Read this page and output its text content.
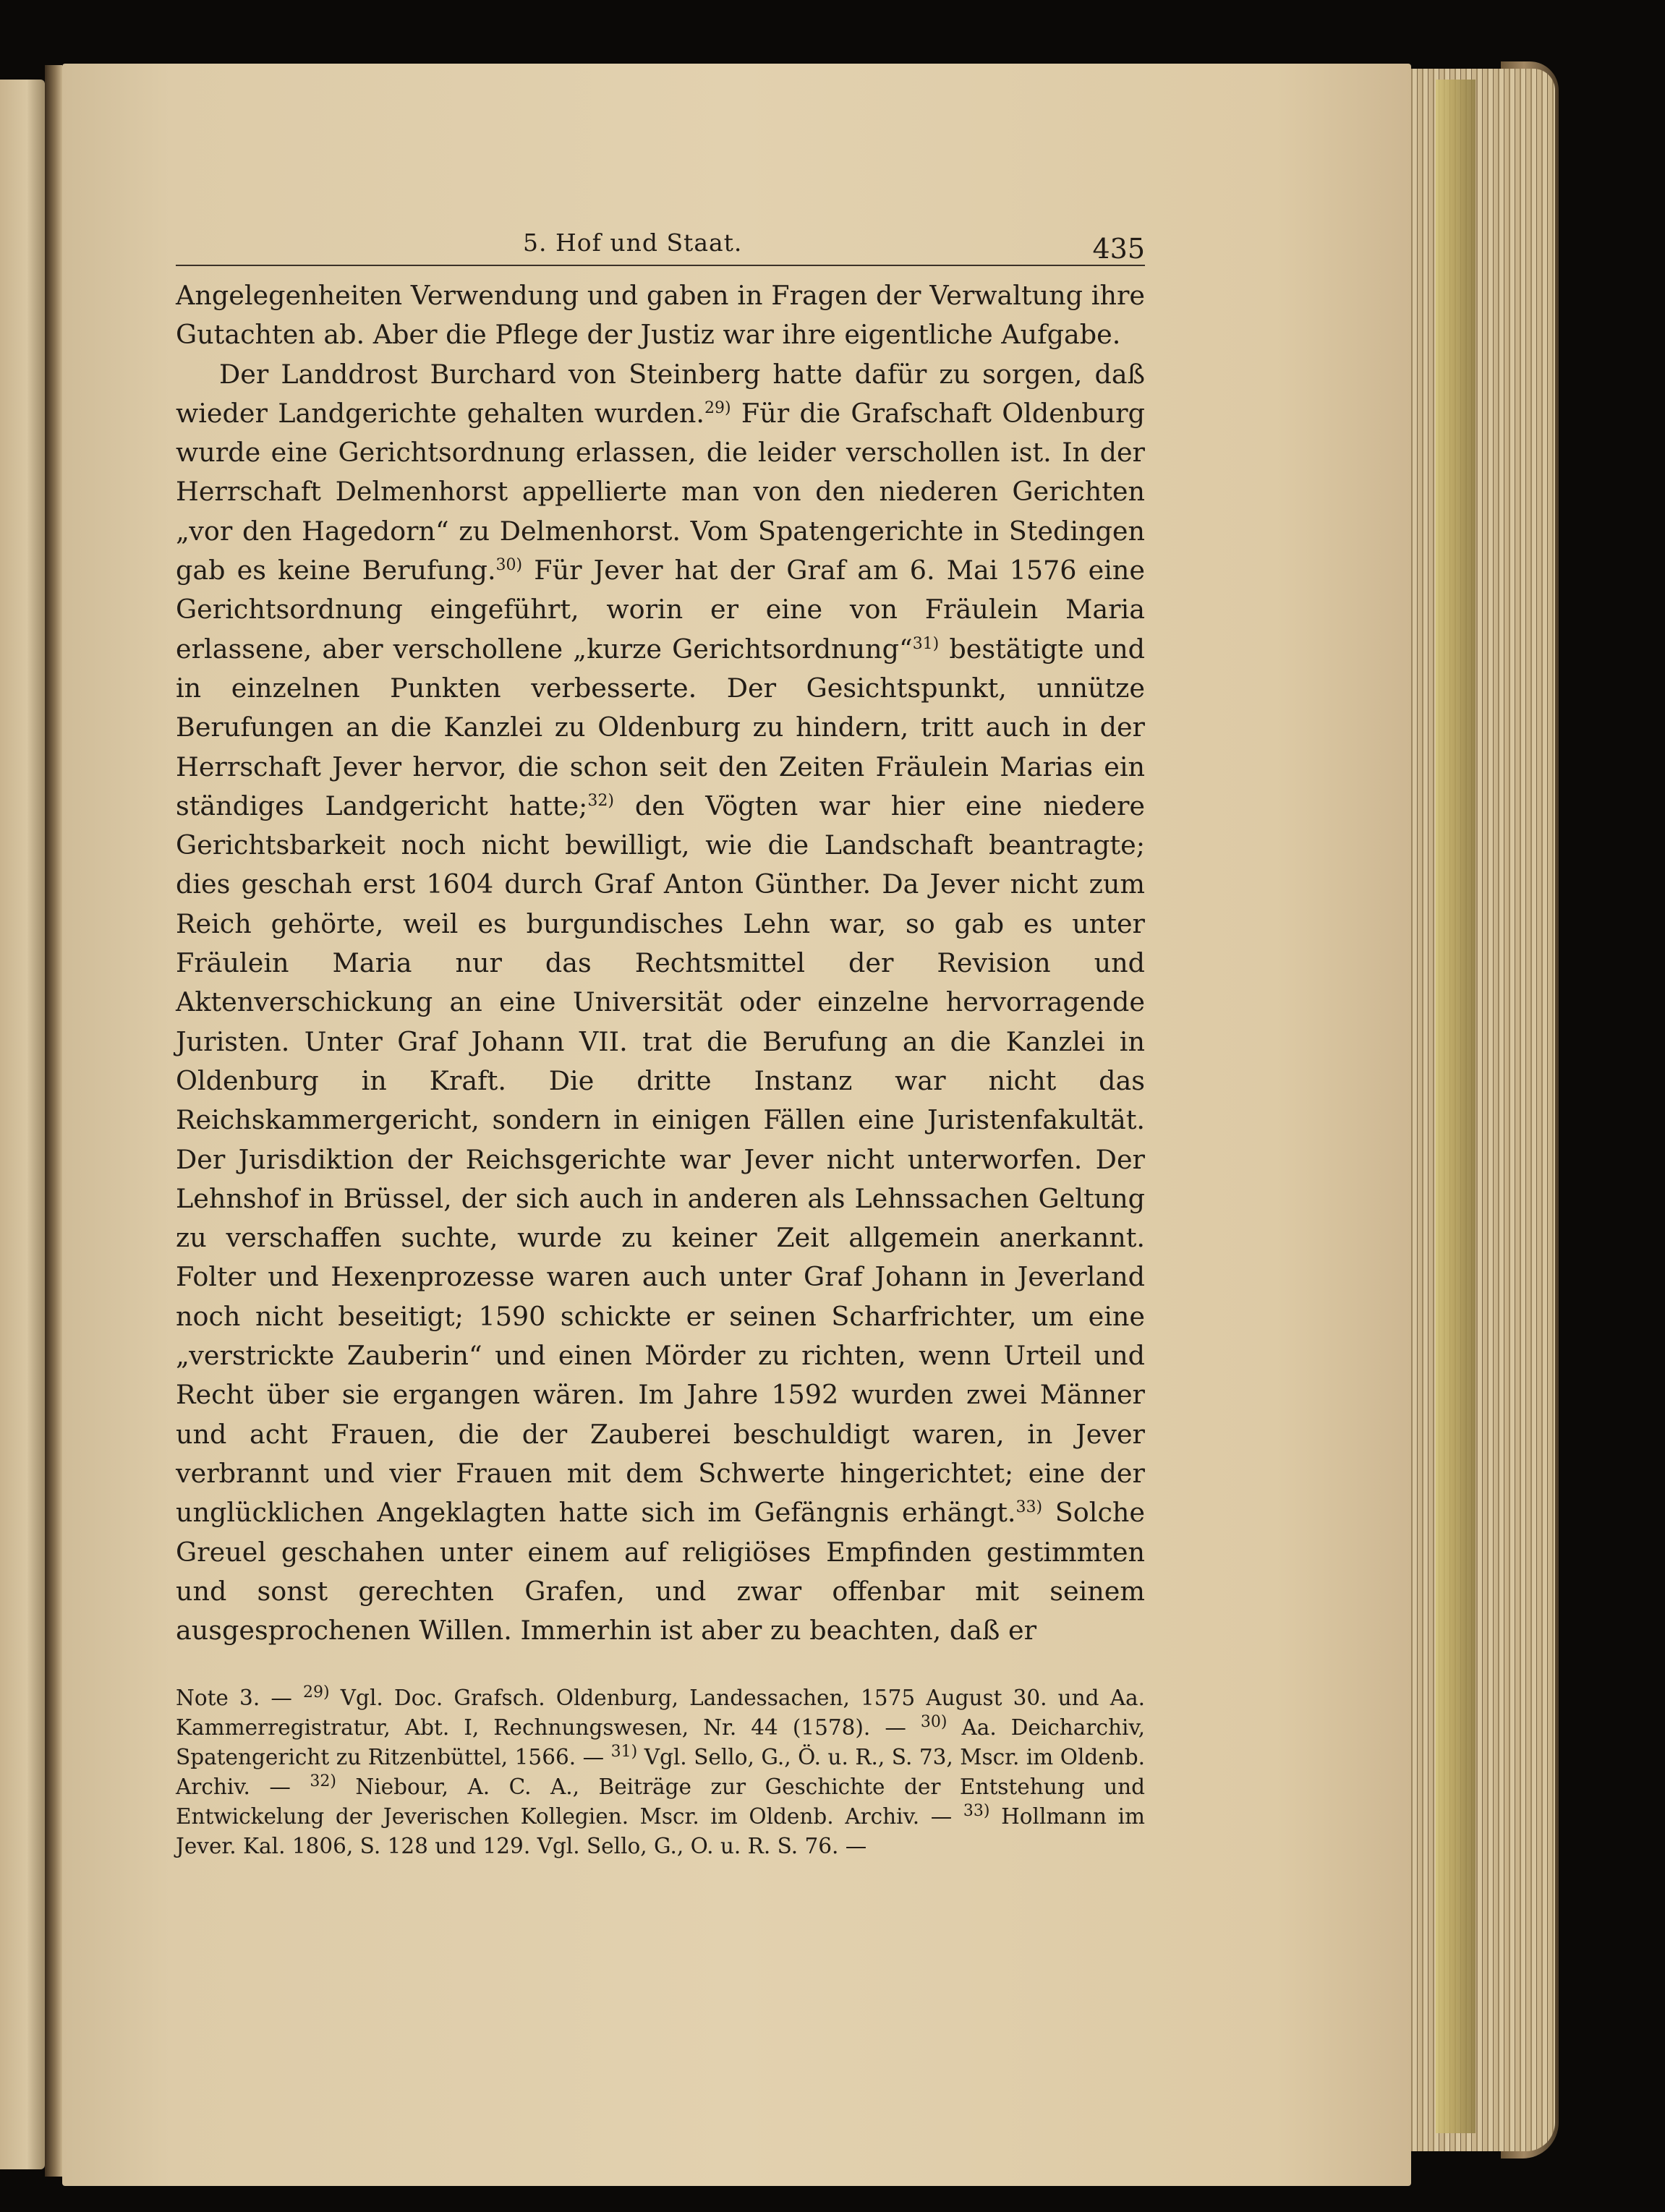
5. Hof und Staat.	435

Angelegenheiten Verwendung und gaben in Fragen der Verwaltung ihre Gutachten ab. Aber die Pflege der Justiz war ihre eigentliche Aufgabe.

Der Landdrost Burchard von Steinberg hatte dafür zu sorgen, daß wieder Landgerichte gehalten wurden.$^{29)}$ Für die Grafschaft Oldenburg wurde eine Gerichtsordnung erlassen, die leider verschollen ist. In der Herrschaft Delmenhorst appellierte man von den niederen Gerichten „vor den Hagedorn“ zu Delmenhorst. Vom Spatengerichte in Stedingen gab es keine Berufung.$^{30)}$ Für Jever hat der Graf am 6. Mai 1576 eine Gerichtsordnung eingeführt, worin er eine von Fräulein Maria erlassene, aber verschollene „kurze Gerichtsordnung“$^{31)}$ bestätigte und in einzelnen Punkten verbesserte. Der Gesichtspunkt, unnütze Berufungen an die Kanzlei zu Oldenburg zu hindern, tritt auch in der Herrschaft Jever hervor, die schon seit den Zeiten Fräulein Marias ein ständiges Landgericht hatte;$^{32)}$ den Vögten war hier eine niedere Gerichtsbarkeit noch nicht bewilligt, wie die Landschaft beantragte; dies geschah erst 1604 durch Graf Anton Günther. Da Jever nicht zum Reich gehörte, weil es burgundisches Lehn war, so gab es unter Fräulein Maria nur das Rechtsmittel der Revision und Aktenverschickung an eine Universität oder einzelne hervorragende Juristen. Unter Graf Johann VII. trat die Berufung an die Kanzlei in Oldenburg in Kraft. Die dritte Instanz war nicht das Reichskammergericht, sondern in einigen Fällen eine Juristenfakultät. Der Jurisdiktion der Reichsgerichte war Jever nicht unterworfen. Der Lehnshof in Brüssel, der sich auch in anderen als Lehnssachen Geltung zu verschaffen suchte, wurde zu keiner Zeit allgemein anerkannt. Folter und Hexenprozesse waren auch unter Graf Johann in Jeverland noch nicht beseitigt; 1590 schickte er seinen Scharfrichter, um eine „verstrickte Zauberin“ und einen Mörder zu richten, wenn Urteil und Recht über sie ergangen wären. Im Jahre 1592 wurden zwei Männer und acht Frauen, die der Zauberei beschuldigt waren, in Jever verbrannt und vier Frauen mit dem Schwerte hingerichtet; eine der unglücklichen Angeklagten hatte sich im Gefängnis erhängt.$^{33)}$ Solche Greuel geschahen unter einem auf religiöses Empfinden gestimmten und sonst gerechten Grafen, und zwar offenbar mit seinem ausgesprochenen Willen. Immerhin ist aber zu beachten, daß er

Note 3. — $^{29)}$ Vgl. Doc. Grafsch. Oldenburg, Landessachen, 1575 August 30. und Aa. Kammerregistratur, Abt. I, Rechnungswesen, Nr. 44 (1578). — $^{30)}$ Aa. Deicharchiv, Spatengericht zu Ritzenbüttel, 1566. — $^{31)}$ Vgl. Sello, G., Ö. u. R., S. 73, Mscr. im Oldenb. Archiv. — $^{32)}$ Niebour, A. C. A., Beiträge zur Geschichte der Entstehung und Entwickelung der Jeverischen Kollegien. Mscr. im Oldenb. Archiv. — $^{33)}$ Hollmann im Jever. Kal. 1806, S. 128 und 129. Vgl. Sello, G., O. u. R. S. 76. —
